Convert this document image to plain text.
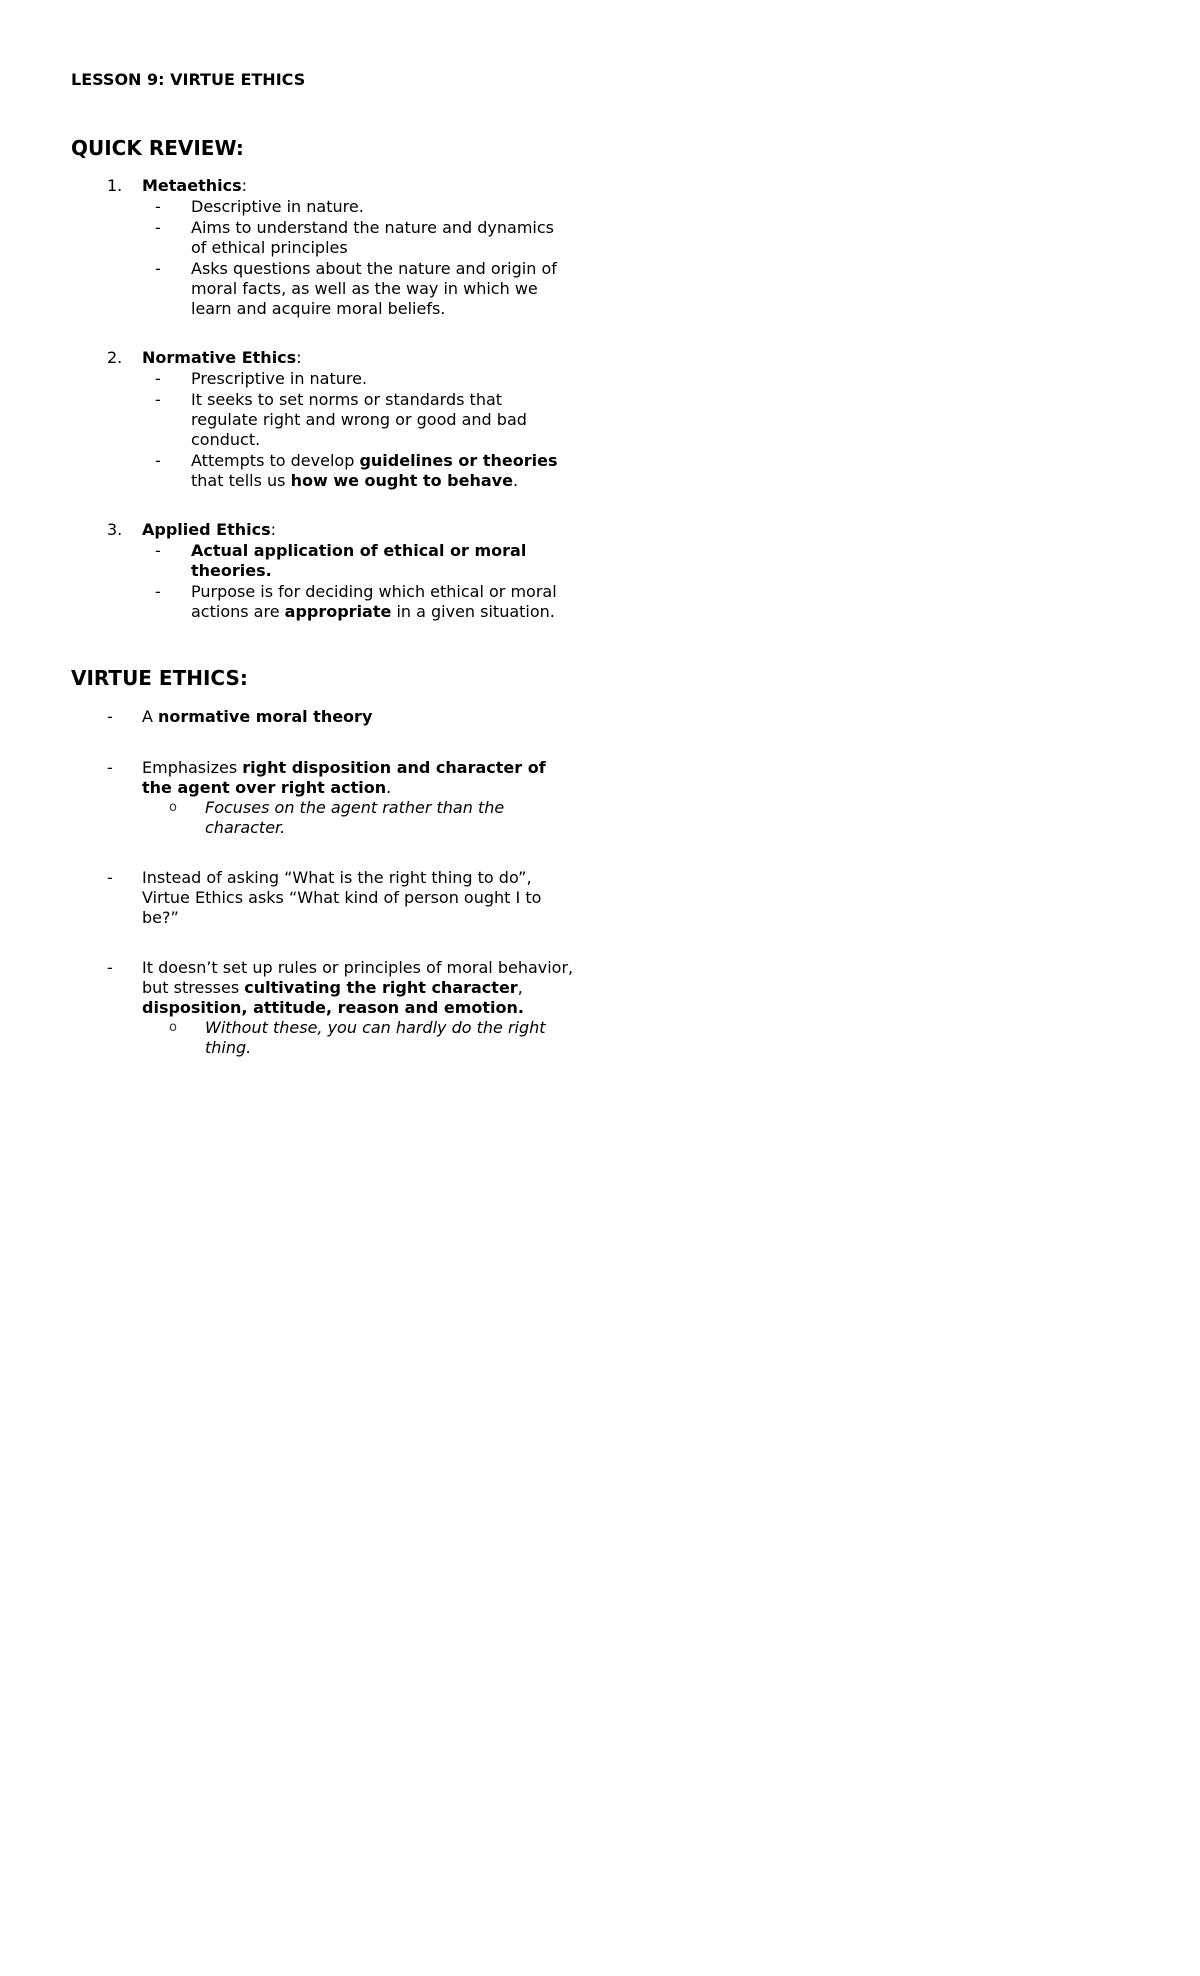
LESSON 9: VIRTUE ETHICS
QUICK REVIEW:
1. Metaethics:
- Descriptive in nature.
- Aims to understand the nature and dynamics
of ethical principles
- Asks questions about the nature and origin of
moral facts, as well as the way in which we
learn and acquire moral beliefs.
2. Normative Ethics:
- Prescriptive in nature.
- It seeks to set norms or standards that
regulate right and wrong or good and bad
conduct.
- Attempts to develop guidelines or theories
that tells us how we ought to behave.
3. Applied Ethics:
- Actual application of ethical or moral
theories.
- Purpose is for deciding which ethical or moral
actions are appropriate in a given situation.
VIRTUE ETHICS:
- A normative moral theory
- Emphasizes right disposition and character of
the agent over right action.
o Focuses on the agent rather than the
character.
- Instead of asking “What is the right thing to do”,
Virtue Ethics asks “What kind of person ought I to
be?”
- It doesn’t set up rules or principles of moral behavior,
but stresses cultivating the right character,
disposition, attitude, reason and emotion.
o Without these, you can hardly do the right
thing.
